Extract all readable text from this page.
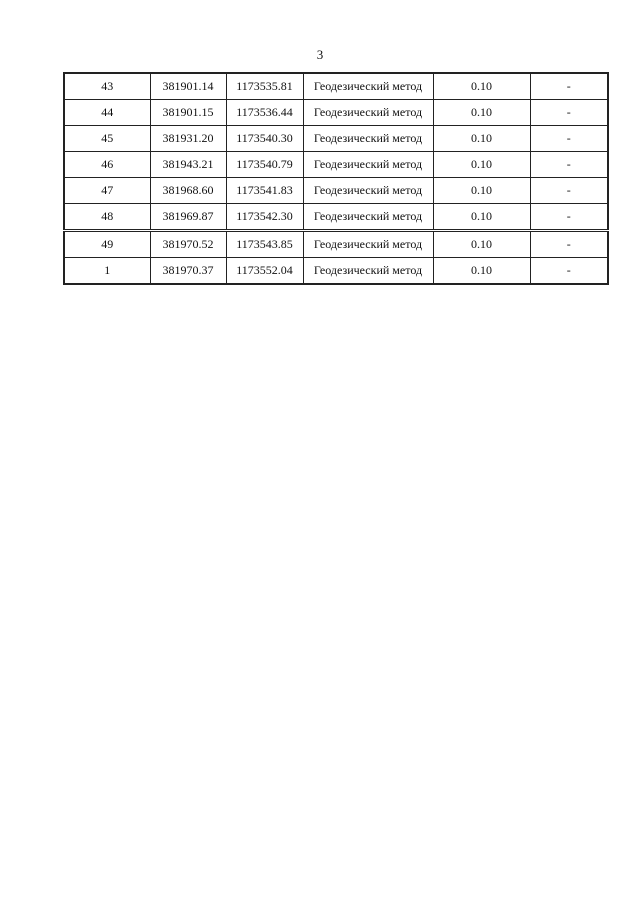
3
43	381901.14	1173535.81	Геодезический метод	0.10	-
44	381901.15	1173536.44	Геодезический метод	0.10	-
45	381931.20	1173540.30	Геодезический метод	0.10	-
46	381943.21	1173540.79	Геодезический метод	0.10	-
47	381968.60	1173541.83	Геодезический метод	0.10	-
48	381969.87	1173542.30	Геодезический метод	0.10	-
49	381970.52	1173543.85	Геодезический метод	0.10	-
1	381970.37	1173552.04	Геодезический метод	0.10	-
